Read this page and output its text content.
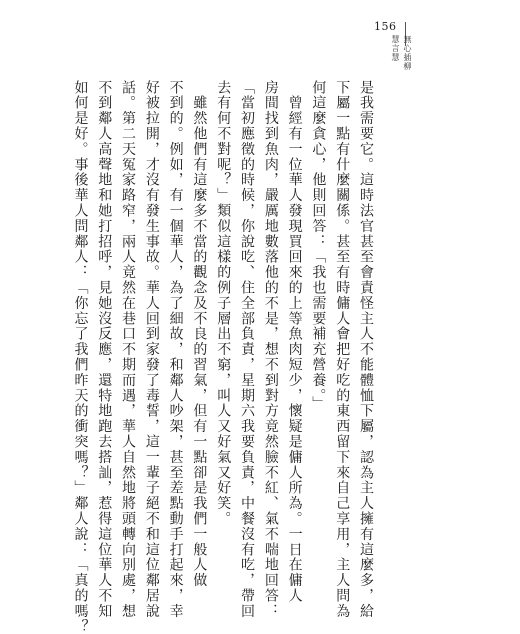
156
無心插柳
慧言慧
是我需要它。這時法官甚至會責怪主人不能體恤下屬，認為主人擁有這麼多，給
下屬一點有什麼關係。甚至有時傭人會把好吃的東西留下來自己享用，主人問為
何這麼貪心，他則回答：「我也需要補充營養。」
　曾經有一位華人發現買回來的上等魚肉短少，懷疑是傭人所為。一日在傭人
房間找到魚肉，嚴厲地數落他的不是，想不到對方竟然臉不紅、氣不喘地回答：
「當初應徵的時候，你說吃、住全部負責，星期六我要負責，中餐沒有吃，帶回
去有何不對呢？」類似這樣的例子層出不窮，叫人又好氣又好笑。
　雖然他們有這麼多不當的觀念及不良的習氣，但有一點卻是我們一般人做
不到的。例如，有一個華人，為了細故，和鄰人吵架，甚至差點動手打起來，幸
好被拉開，才沒有發生事故。華人回到家發了毒誓，這一輩子絕不和這位鄰居說
話。第二天冤家路窄，兩人竟然在巷口不期而遇，華人自然地將頭轉向別處，想
不到鄰人高聲地和她打招呼，見她沒反應，還特地跑去搭訕，惹得這位華人不知
如何是好。事後華人問鄰人：「你忘了我們昨天的衝突嗎？」鄰人說：「真的嗎？
